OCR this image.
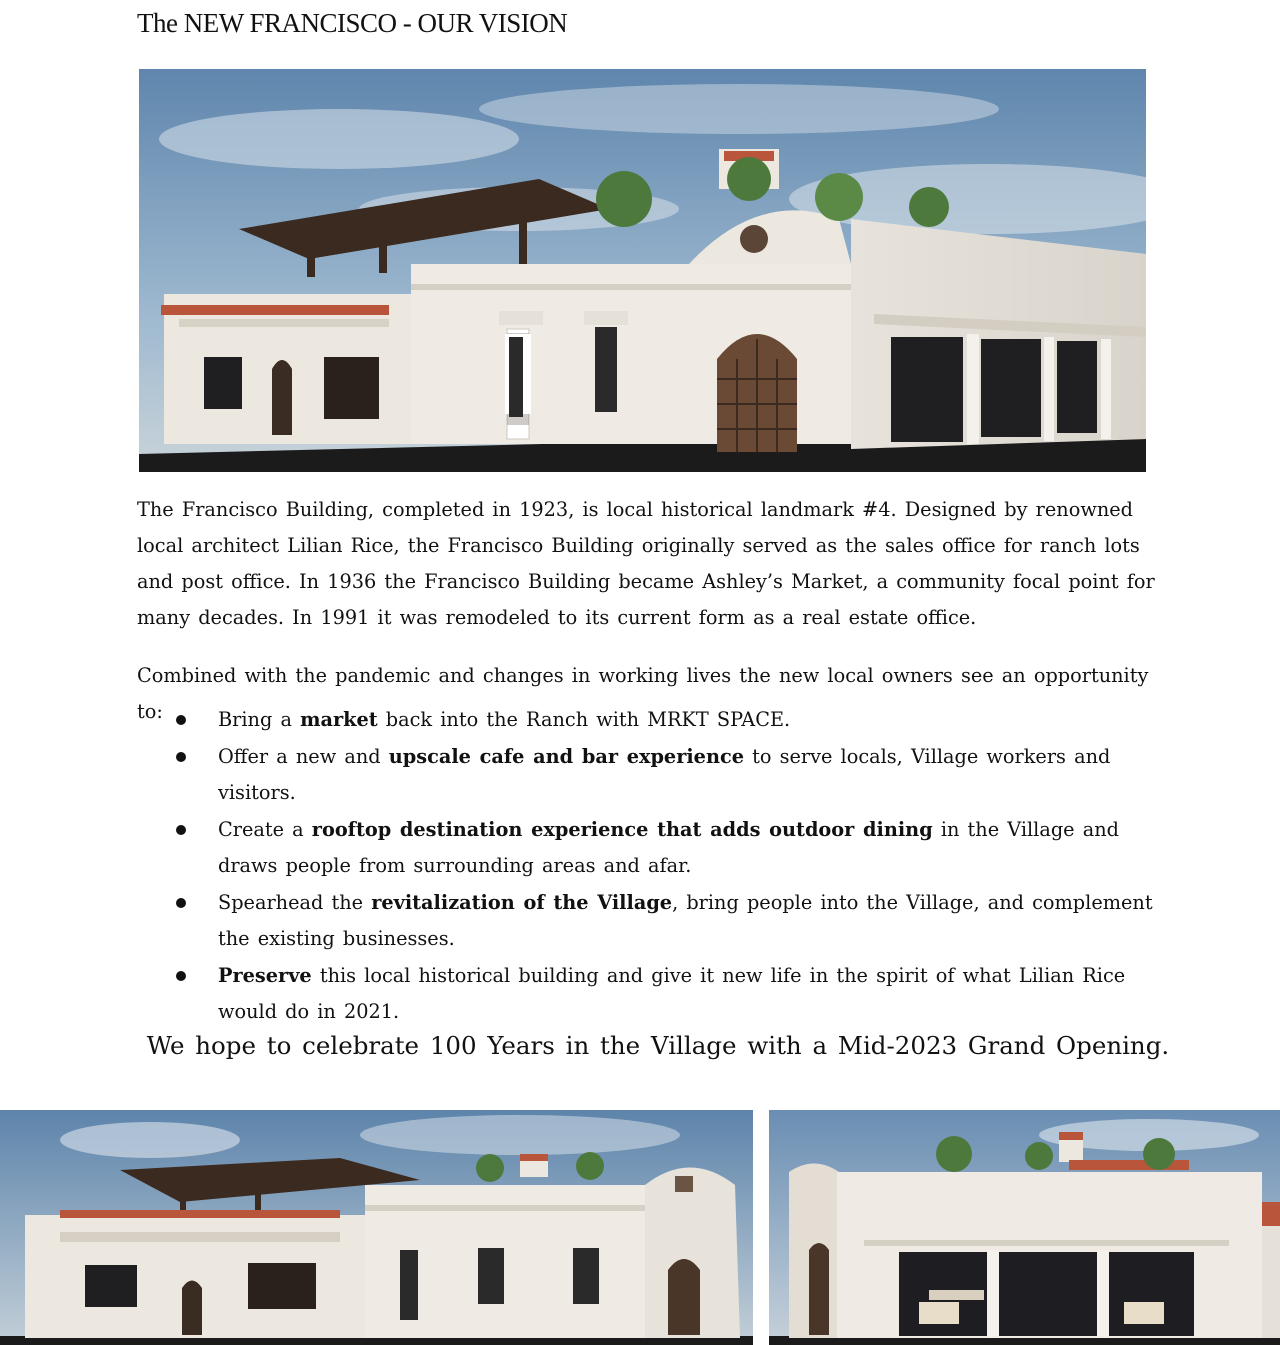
The NEW FRANCISCO - OUR VISION

The Francisco Building, completed in 1923, is local historical landmark #4. Designed by renowned local architect Lilian Rice, the Francisco Building originally served as the sales office for ranch lots and post office. In 1936 the Francisco Building became Ashley’s Market, a community focal point for many decades. In 1991 it was remodeled to its current form as a real estate office.

Combined with the pandemic and changes in working lives the new local owners see an opportunity to:	Bring a market back into the Ranch with MRKT SPACE.
Offer a new and upscale cafe and bar experience to serve locals, Village workers and visitors.
Create a rooftop destination experience that adds outdoor dining in the Village and draws people from surrounding areas and afar.
Spearhead the revitalization of the Village, bring people into the Village, and complement the existing businesses.
Preserve this local historical building and give it new life in the spirit of what Lilian Rice would do in 2021.
We hope to celebrate 100 Years in the Village with a Mid-2023 Grand Opening.
